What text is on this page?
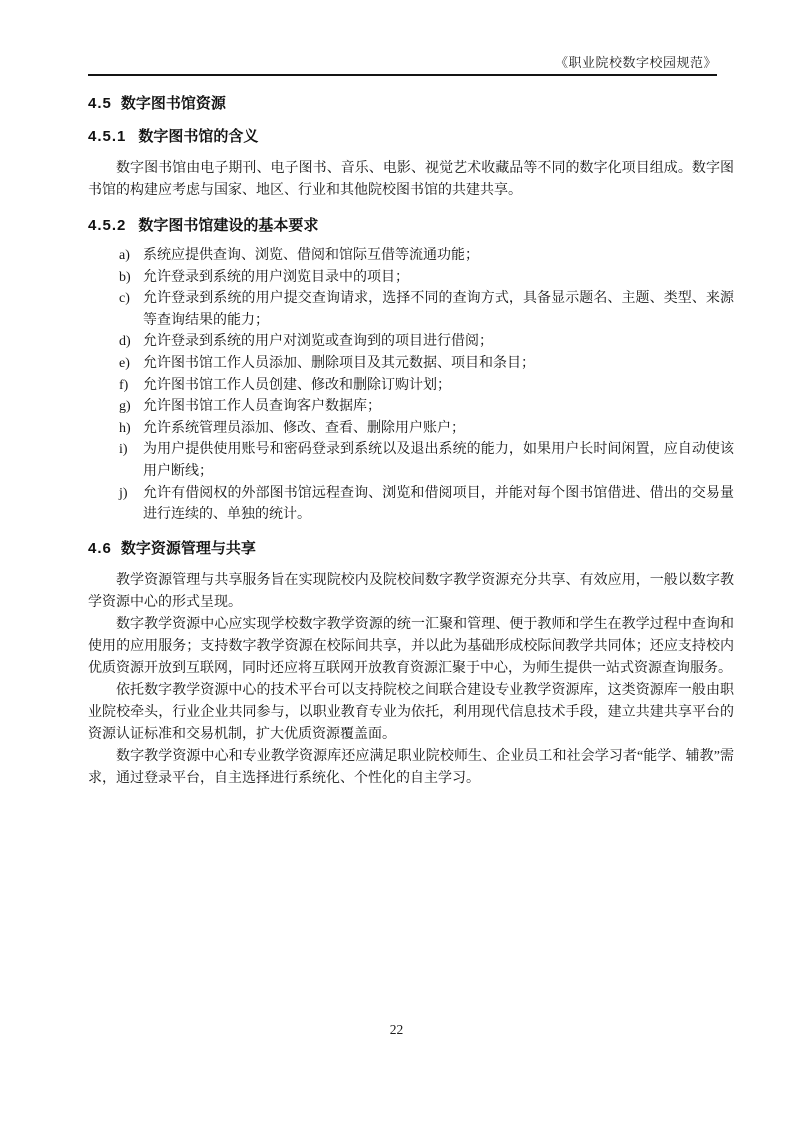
《职业院校数字校园规范》
4.5 数字图书馆资源
4.5.1 数字图书馆的含义

数字图书馆由电子期刊、电子图书、音乐、电影、视觉艺术收藏品等不同的数字化项目组成。数字图书馆的构建应考虑与国家、地区、行业和其他院校图书馆的共建共享。

4.5.2 数字图书馆建设的基本要求
a) 系统应提供查询、浏览、借阅和馆际互借等流通功能；
b) 允许登录到系统的用户浏览目录中的项目；
c) 允许登录到系统的用户提交查询请求，选择不同的查询方式，具备显示题名、主题、类型、来源等查询结果的能力；
d) 允许登录到系统的用户对浏览或查询到的项目进行借阅；
e) 允许图书馆工作人员添加、删除项目及其元数据、项目和条目；
f) 允许图书馆工作人员创建、修改和删除订购计划；
g) 允许图书馆工作人员查询客户数据库；
h) 允许系统管理员添加、修改、查看、删除用户账户；
i) 为用户提供使用账号和密码登录到系统以及退出系统的能力，如果用户长时间闲置，应自动使该用户断线；
j) 允许有借阅权的外部图书馆远程查询、浏览和借阅项目，并能对每个图书馆借进、借出的交易量进行连续的、单独的统计。
4.6 数字资源管理与共享

教学资源管理与共享服务旨在实现院校内及院校间数字教学资源充分共享、有效应用，一般以数字教学资源中心的形式呈现。

数字教学资源中心应实现学校数字教学资源的统一汇聚和管理、便于教师和学生在教学过程中查询和使用的应用服务；支持数字教学资源在校际间共享，并以此为基础形成校际间教学共同体；还应支持校内优质资源开放到互联网，同时还应将互联网开放教育资源汇聚于中心，为师生提供一站式资源查询服务。

依托数字教学资源中心的技术平台可以支持院校之间联合建设专业教学资源库，这类资源库一般由职业院校牵头，行业企业共同参与，以职业教育专业为依托，利用现代信息技术手段，建立共建共享平台的资源认证标准和交易机制，扩大优质资源覆盖面。

数字教学资源中心和专业教学资源库还应满足职业院校师生、企业员工和社会学习者“能学、辅教”需求，通过登录平台，自主选择进行系统化、个性化的自主学习。

22
